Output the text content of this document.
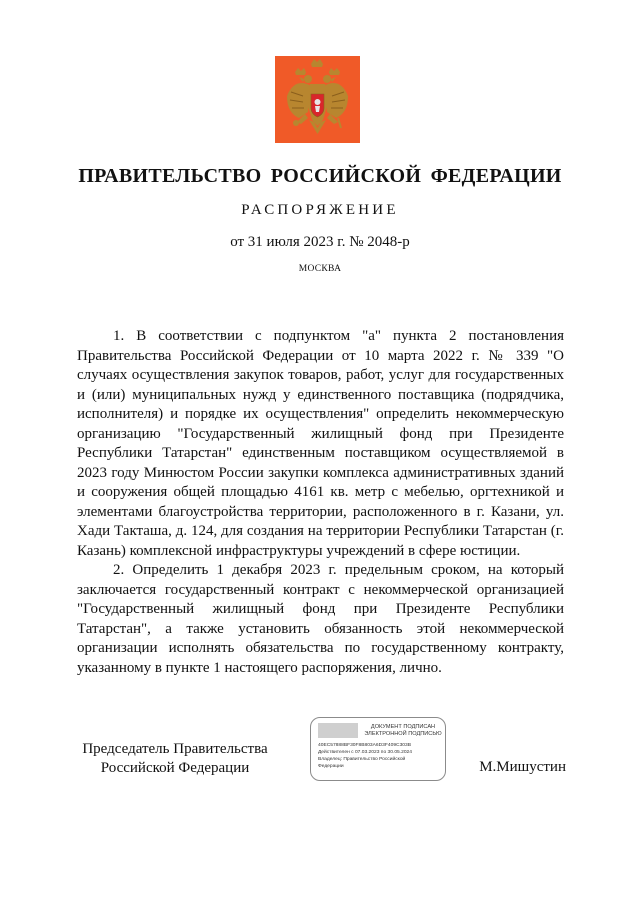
ПРАВИТЕЛЬСТВО РОССИЙСКОЙ ФЕДЕРАЦИИ
РАСПОРЯЖЕНИЕ
от 31 июля 2023 г. № 2048-р
МОСКВА

1. В соответствии с подпунктом "а" пункта 2 постановления Правительства Российской Федерации от 10 марта 2022 г. № 339 "О случаях осуществления закупок товаров, работ, услуг для государственных и (или) муниципальных нужд у единственного поставщика (подрядчика, исполнителя) и порядке их осуществления" определить некоммерческую организацию "Государственный жилищный фонд при Президенте Республики Татарстан" единственным поставщиком осуществляемой в 2023 году Минюстом России закупки комплекса административных зданий и сооружения общей площадью 4161 кв. метр с мебелью, оргтехникой и элементами благоустройства территории, расположенного в г. Казани, ул. Хади Такташа, д. 124, для создания на территории Республики Татарстан (г. Казань) комплексной инфраструктуры учреждений в сфере юстиции.

2. Определить 1 декабря 2023 г. предельным сроком, на который заключается государственный контракт с некоммерческой организацией "Государственный жилищный фонд при Президенте Республики Татарстан", а также установить обязанность этой некоммерческой организации исполнять обязательства по государственному контракту, указанному в пункте 1 настоящего распоряжения, лично.

Председатель Правительства
Российской Федерации
ДОКУМЕНТ ПОДПИСАН
ЭЛЕКТРОННОЙ ПОДПИСЬЮ
40EC57888BF30F8B803A6D3F409C303B
Действителен с 07.03.2023 по 30.05.2024
Владелец: Правительство Российской
Федерации	М.Мишустин
